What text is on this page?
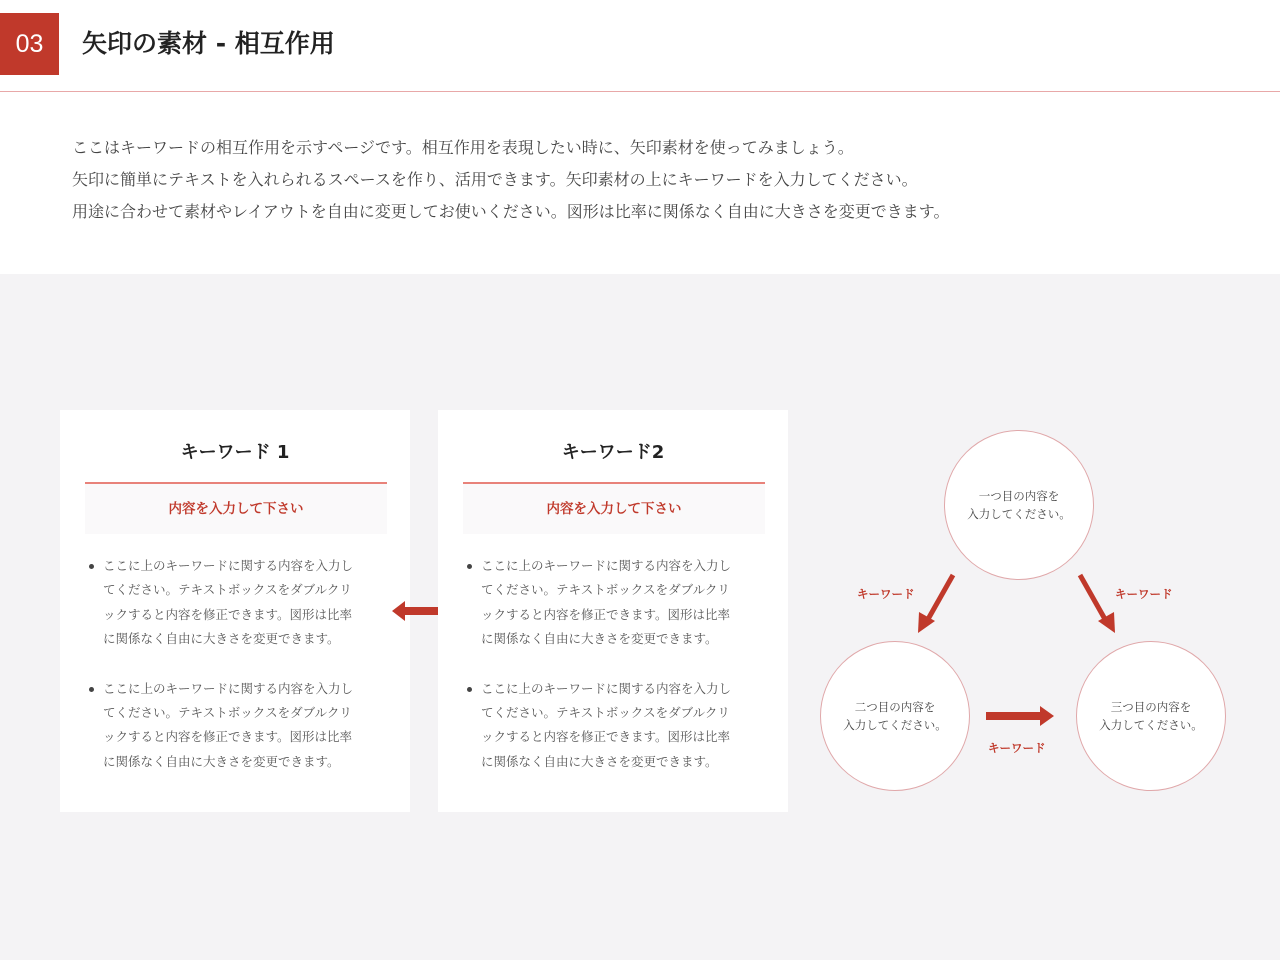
03	矢印の素材 - 相互作用
ここはキーワードの相互作用を示すページです。相互作用を表現したい時に、矢印素材を使ってみましょう。
矢印に簡単にテキストを入れられるスペースを作り、活用できます。矢印素材の上にキーワードを入力してください。
用途に合わせて素材やレイアウトを自由に変更してお使いください。図形は比率に関係なく自由に大きさを変更できます。
キーワード 1
内容を入力して下さい
ここに上のキーワードに関する内容を入力し
てください。テキストボックスをダブルクリ
ックすると内容を修正できます。図形は比率
に関係なく自由に大きさを変更できます。
ここに上のキーワードに関する内容を入力し
てください。テキストボックスをダブルクリ
ックすると内容を修正できます。図形は比率
に関係なく自由に大きさを変更できます。
キーワード2
内容を入力して下さい
ここに上のキーワードに関する内容を入力し
てください。テキストボックスをダブルクリ
ックすると内容を修正できます。図形は比率
に関係なく自由に大きさを変更できます。
ここに上のキーワードに関する内容を入力し
てください。テキストボックスをダブルクリ
ックすると内容を修正できます。図形は比率
に関係なく自由に大きさを変更できます。
一つ目の内容を
入力してください。
二つ目の内容を
入力してください。
三つ目の内容を
入力してください。
キーワード	キーワード
キーワード
